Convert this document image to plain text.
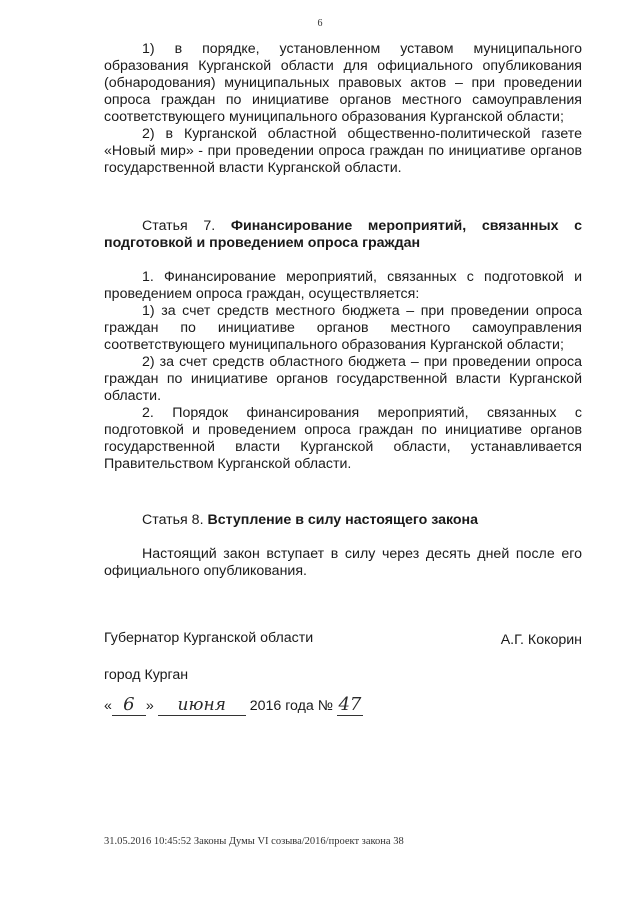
6

1) в порядке, установленном уставом муниципального образования Курганской области для официального опубликования (обнародования) муниципальных правовых актов – при проведении опроса граждан по инициативе органов местного самоуправления соответствующего муниципального образования Курганской области;

2) в Курганской областной общественно-политической газете «Новый мир» - при проведении опроса граждан по инициативе органов государственной власти Курганской области.

Статья 7. Финансирование мероприятий, связанных с подготовкой и проведением опроса граждан

1. Финансирование мероприятий, связанных с подготовкой и проведением опроса граждан, осуществляется:

1) за счет средств местного бюджета – при проведении опроса граждан по инициативе органов местного самоуправления соответствующего муниципального образования Курганской области;

2) за счет средств областного бюджета – при проведении опроса граждан по инициативе органов государственной власти Курганской области.

2. Порядок финансирования мероприятий, связанных с подготовкой и проведением опроса граждан по инициативе органов государственной власти Курганской области, устанавливается Правительством Курганской области.

Статья 8. Вступление в силу настоящего закона

Настоящий закон вступает в силу через десять дней после его официального опубликования.

Губернатор Курганской области	А.Г. Кокорин
город Курган
« 6 » июня 2016 года № 47
31.05.2016 10:45:52 Законы Думы VI созыва/2016/проект закона 38
